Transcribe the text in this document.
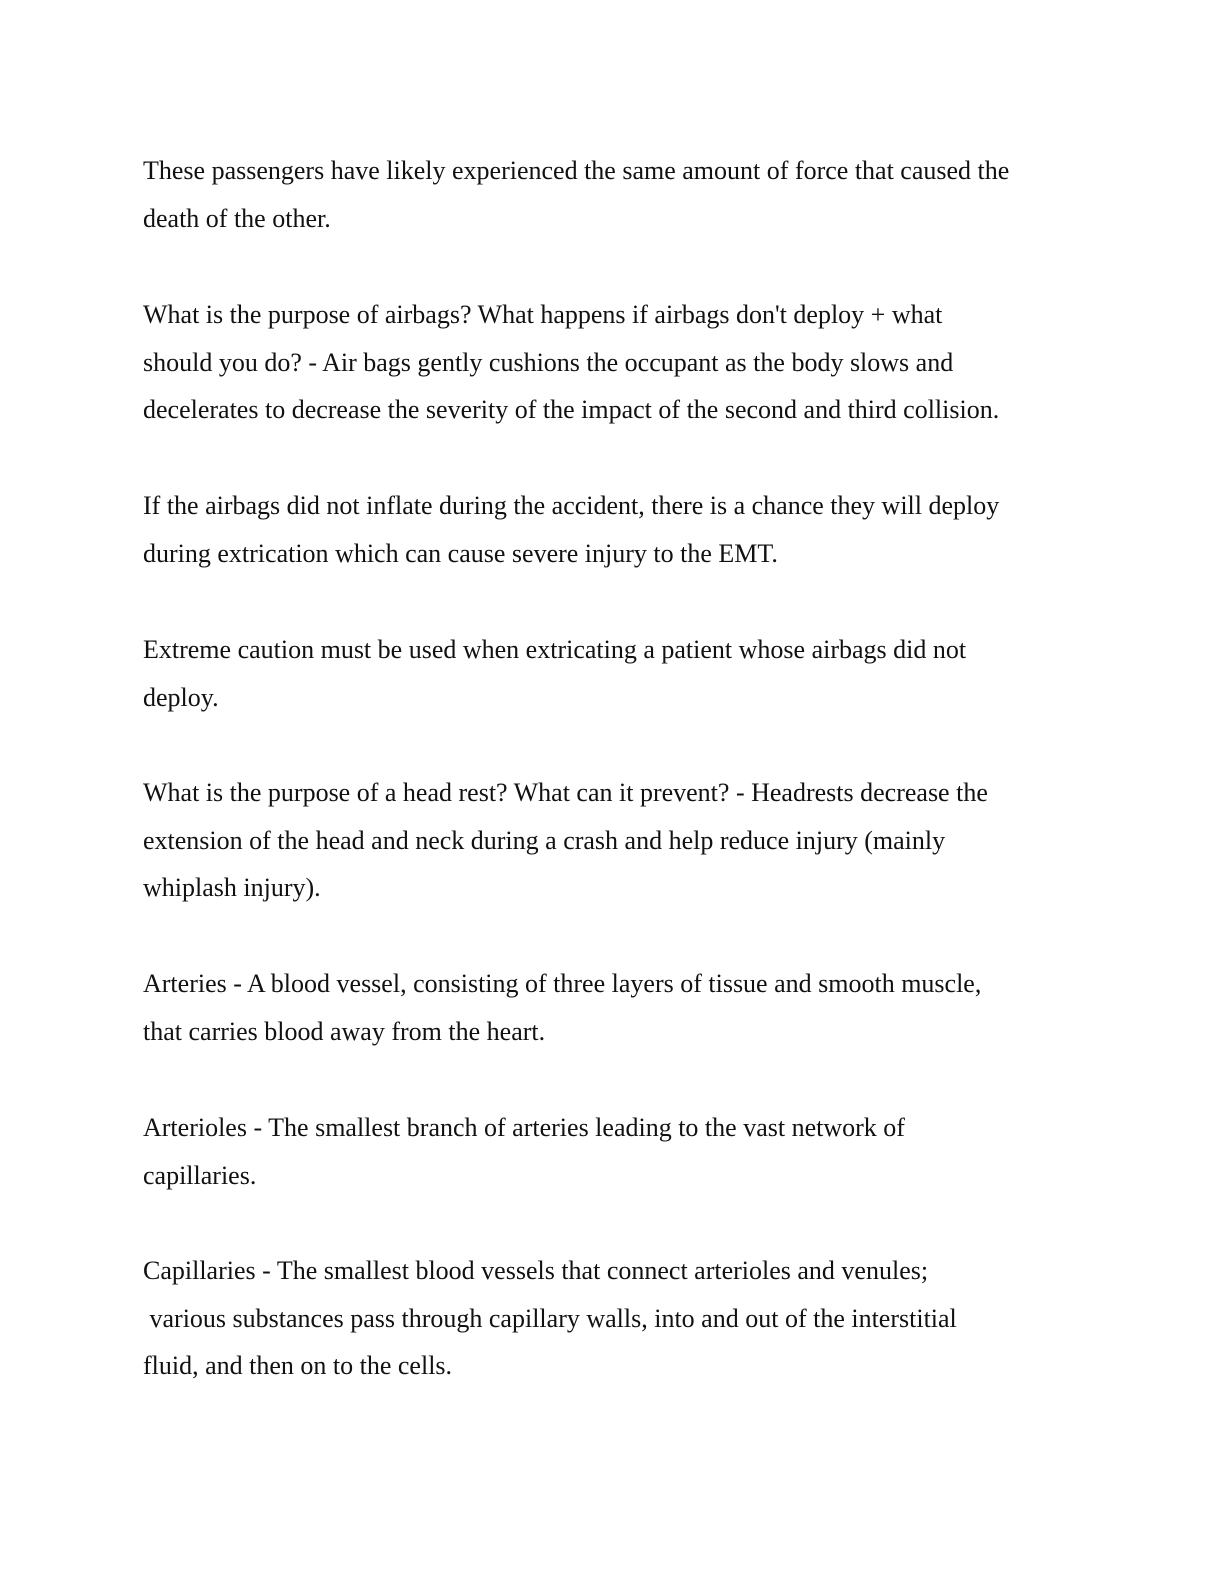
These passengers have likely experienced the same amount of force that caused the
death of the other.

What is the purpose of airbags? What happens if airbags don't deploy + what
should you do? - Air bags gently cushions the occupant as the body slows and
decelerates to decrease the severity of the impact of the second and third collision.

If the airbags did not inflate during the accident, there is a chance they will deploy
during extrication which can cause severe injury to the EMT.

Extreme caution must be used when extricating a patient whose airbags did not
deploy.

What is the purpose of a head rest? What can it prevent? - Headrests decrease the
extension of the head and neck during a crash and help reduce injury (mainly
whiplash injury).

Arteries - A blood vessel, consisting of three layers of tissue and smooth muscle,
that carries blood away from the heart.

Arterioles - The smallest branch of arteries leading to the vast network of
capillaries.

Capillaries - The smallest blood vessels that connect arterioles and venules;
various substances pass through capillary walls, into and out of the interstitial
fluid, and then on to the cells.
